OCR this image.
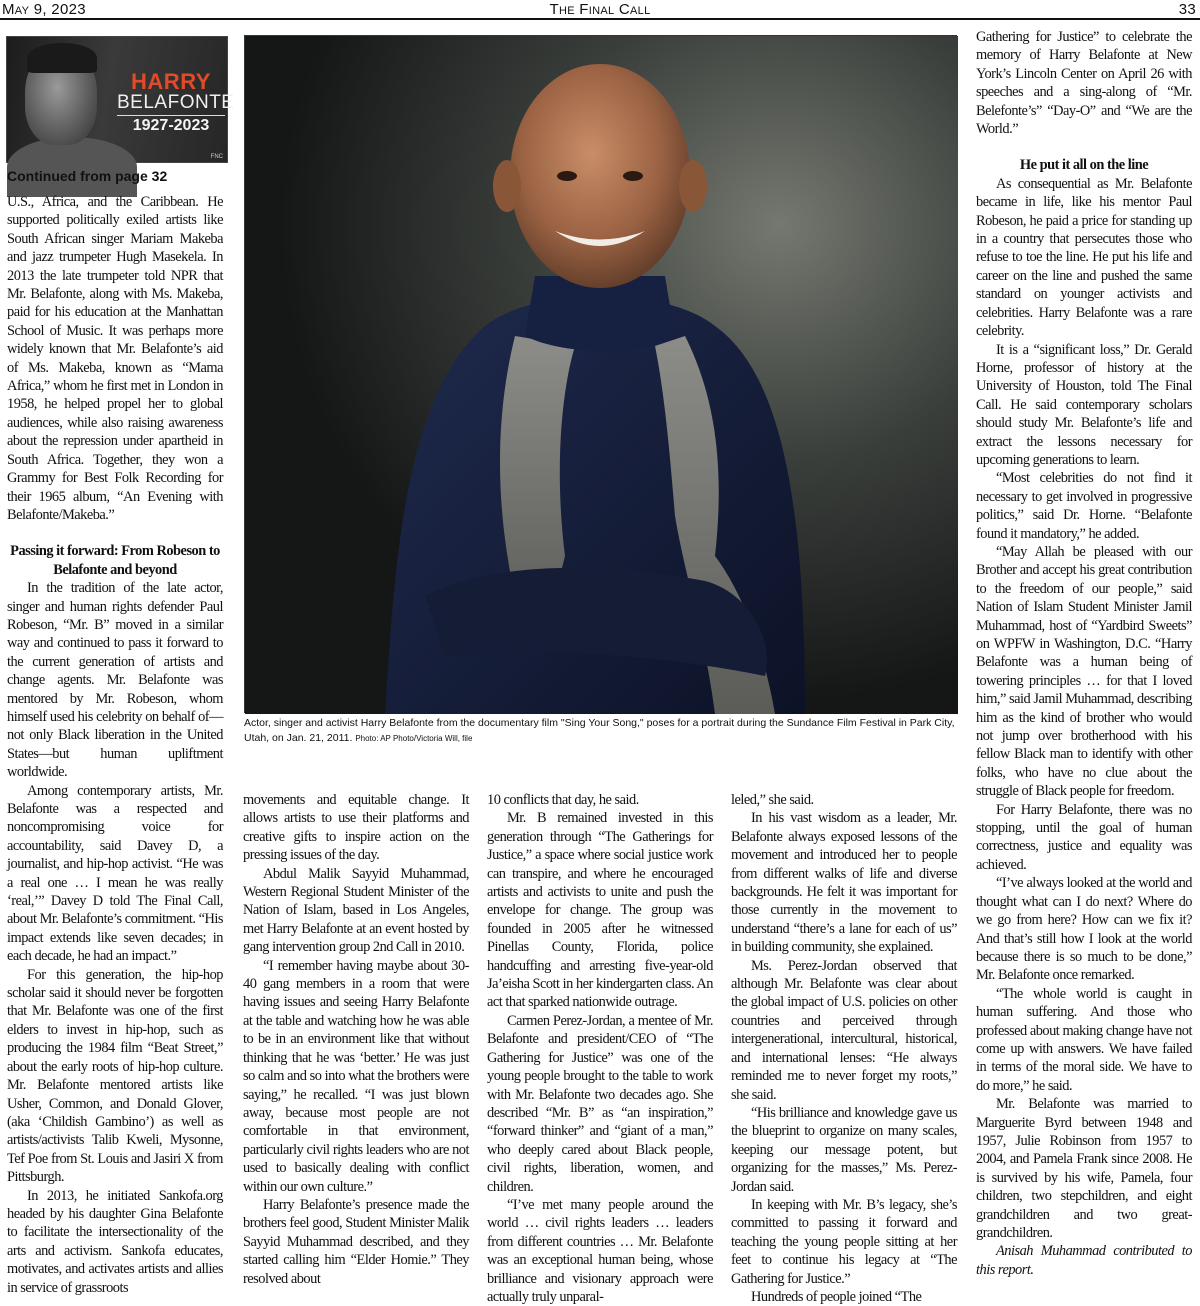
May 9, 2023	The Final Call	33
HARRY
BELAFONTE
1927-2023
FNC
Continued from page 32

U.S., Africa, and the Caribbean. He supported politically exiled artists like South African singer Mariam Makeba and jazz trumpeter Hugh Masekela. In 2013 the late trumpeter told NPR that Mr. Belafonte, along with Ms. Makeba, paid for his education at the Manhattan School of Music. It was perhaps more widely known that Mr. Belafonte’s aid of Ms. Makeba, known as “Mama Africa,” whom he first met in London in 1958, he helped propel her to global audiences, while also raising awareness about the repression under apartheid in South Africa. Together, they won a Grammy for Best Folk Recording for their 1965 album, “An Evening with Belafonte/Makeba.”

Passing it forward: From Robeson to Belafonte and beyond

In the tradition of the late actor, singer and human rights defender Paul Robeson, “Mr. B” moved in a similar way and continued to pass it forward to the current generation of artists and change agents. Mr. Belafonte was mentored by Mr. Robeson, whom himself used his celebrity on behalf of—not only Black liberation in the United States—but human upliftment worldwide.

Among contemporary artists, Mr. Belafonte was a respected and noncompromising voice for accountability, said Davey D, a journalist, and hip-hop activist. “He was a real one … I mean he was really ‘real,’” Davey D told The Final Call, about Mr. Belafonte’s commitment. “His impact extends like seven decades; in each decade, he had an impact.”

For this generation, the hip-hop scholar said it should never be forgotten that Mr. Belafonte was one of the first elders to invest in hip-hop, such as producing the 1984 film “Beat Street,” about the early roots of hip-hop culture. Mr. Belafonte mentored artists like Usher, Common, and Donald Glover, (aka ‘Childish Gambino’) as well as artists/activists Talib Kweli, Mysonne, Tef Poe from St. Louis and Jasiri X from Pittsburgh.

In 2013, he initiated Sankofa.org headed by his daughter Gina Belafonte to facilitate the intersectionality of the arts and activism. Sankofa educates, motivates, and activates artists and allies in service of grassroots

Actor, singer and activist Harry Belafonte from the documentary film "Sing Your Song," poses for a portrait during the Sundance Film Festival in Park City, Utah, on Jan. 21, 2011. Photo: AP Photo/Victoria Will, file

movements and equitable change. It allows artists to use their platforms and creative gifts to inspire action on the pressing issues of the day.

Abdul Malik Sayyid Muhammad, Western Regional Student Minister of the Nation of Islam, based in Los Angeles, met Harry Belafonte at an event hosted by gang intervention group 2nd Call in 2010.

“I remember having maybe about 30-40 gang members in a room that were having issues and seeing Harry Belafonte at the table and watching how he was able to be in an environment like that without thinking that he was ‘better.’ He was just so calm and so into what the brothers were saying,” he recalled. “I was just blown away, because most people are not comfortable in that environment, particularly civil rights leaders who are not used to basically dealing with conflict within our own culture.”

Harry Belafonte’s presence made the brothers feel good, Student Minister Malik Sayyid Muhammad described, and they started calling him “Elder Homie.” They resolved about

10 conflicts that day, he said.

Mr. B remained invested in this generation through “The Gatherings for Justice,” a space where social justice work can transpire, and where he encouraged artists and activists to unite and push the envelope for change. The group was founded in 2005 after he witnessed Pinellas County, Florida, police handcuffing and arresting five-year-old Ja’eisha Scott in her kindergarten class. An act that sparked nationwide outrage.

Carmen Perez-Jordan, a mentee of Mr. Belafonte and president/CEO of “The Gathering for Justice” was one of the young people brought to the table to work with Mr. Belafonte two decades ago. She described “Mr. B” as “an inspiration,” “forward thinker” and “giant of a man,” who deeply cared about Black people, civil rights, liberation, women, and children.

“I’ve met many people around the world … civil rights leaders … leaders from different countries … Mr. Belafonte was an exceptional human being, whose brilliance and visionary approach were actually truly unparal-

leled,” she said.

In his vast wisdom as a leader, Mr. Belafonte always exposed lessons of the movement and introduced her to people from different walks of life and diverse backgrounds. He felt it was important for those currently in the movement to understand “there’s a lane for each of us” in building community, she explained.

Ms. Perez-Jordan observed that although Mr. Belafonte was clear about the global impact of U.S. policies on other countries and perceived through intergenerational, intercultural, historical, and international lenses: “He always reminded me to never forget my roots,” she said.

“His brilliance and knowledge gave us the blueprint to organize on many scales, keeping our message potent, but organizing for the masses,” Ms. Perez-Jordan said.

In keeping with Mr. B’s legacy, she’s committed to passing it forward and teaching the young people sitting at her feet to continue his legacy at “The Gathering for Justice.”

Hundreds of people joined “The

Gathering for Justice” to celebrate the memory of Harry Belafonte at New York’s Lincoln Center on April 26 with speeches and a sing-along of “Mr. Belefonte’s” “Day-O” and “We are the World.”

He put it all on the line

As consequential as Mr. Belafonte became in life, like his mentor Paul Robeson, he paid a price for standing up in a country that persecutes those who refuse to toe the line. He put his life and career on the line and pushed the same standard on younger activists and celebrities. Harry Belafonte was a rare celebrity.

It is a “significant loss,” Dr. Gerald Horne, professor of history at the University of Houston, told The Final Call. He said contemporary scholars should study Mr. Belafonte’s life and extract the lessons necessary for upcoming generations to learn.

“Most celebrities do not find it necessary to get involved in progressive politics,” said Dr. Horne. “Belafonte found it mandatory,” he added.

“May Allah be pleased with our Brother and accept his great contribution to the freedom of our people,” said Nation of Islam Student Minister Jamil Muhammad, host of “Yardbird Sweets” on WPFW in Washington, D.C. “Harry Belafonte was a human being of towering principles … for that I loved him,” said Jamil Muhammad, describing him as the kind of brother who would not jump over brotherhood with his fellow Black man to identify with other folks, who have no clue about the struggle of Black people for freedom.

For Harry Belafonte, there was no stopping, until the goal of human correctness, justice and equality was achieved.

“I’ve always looked at the world and thought what can I do next? Where do we go from here? How can we fix it? And that’s still how I look at the world because there is so much to be done,” Mr. Belafonte once remarked.

“The whole world is caught in human suffering. And those who professed about making change have not come up with answers. We have failed in terms of the moral side. We have to do more,” he said.

Mr. Belafonte was married to Marguerite Byrd between 1948 and 1957, Julie Robinson from 1957 to 2004, and Pamela Frank since 2008. He is survived by his wife, Pamela, four children, two stepchildren, and eight grandchildren and two great-grandchildren.

Anisah Muhammad contributed to this report.
